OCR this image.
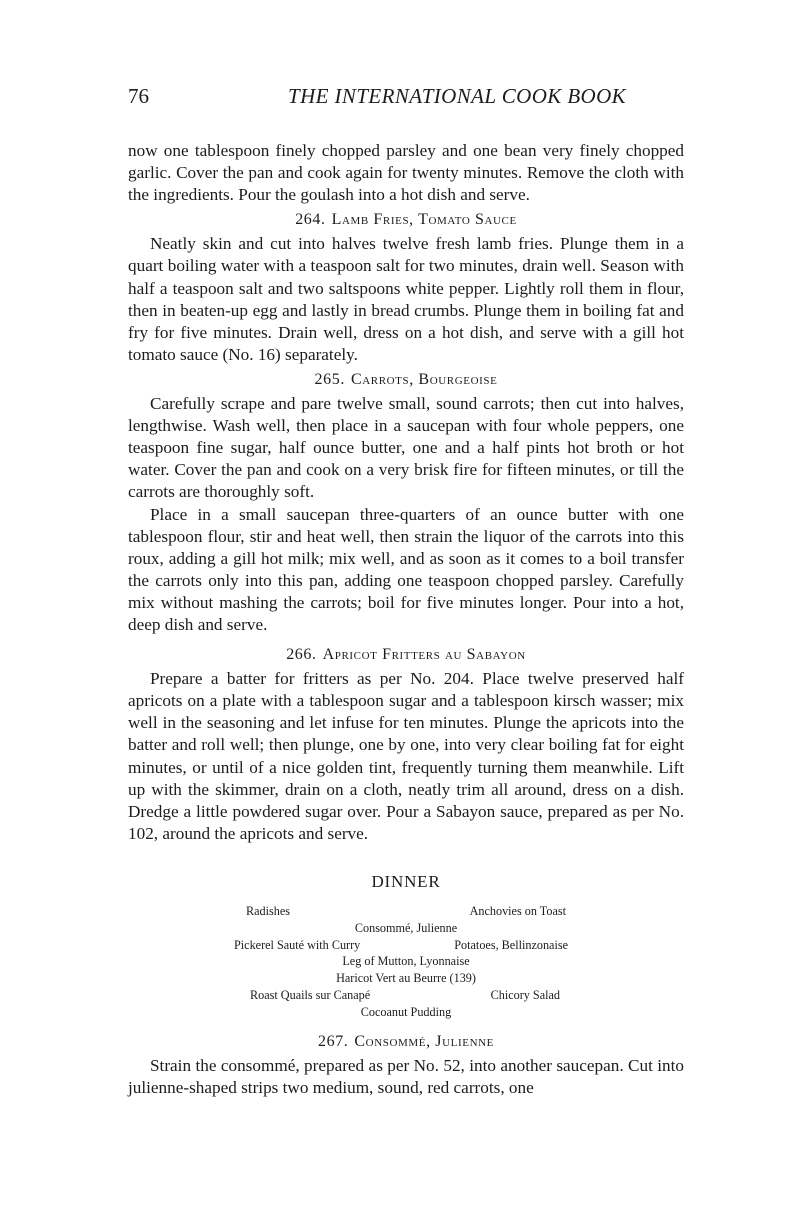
76	THE INTERNATIONAL COOK BOOK

now one tablespoon finely chopped parsley and one bean very finely chopped garlic. Cover the pan and cook again for twenty minutes. Remove the cloth with the ingredients. Pour the goulash into a hot dish and serve.

264. Lamb Fries, Tomato Sauce

Neatly skin and cut into halves twelve fresh lamb fries. Plunge them in a quart boiling water with a teaspoon salt for two minutes, drain well. Season with half a teaspoon salt and two saltspoons white pepper. Lightly roll them in flour, then in beaten-up egg and lastly in bread crumbs. Plunge them in boiling fat and fry for five minutes. Drain well, dress on a hot dish, and serve with a gill hot tomato sauce (No. 16) separately.

265. Carrots, Bourgeoise

Carefully scrape and pare twelve small, sound carrots; then cut into halves, lengthwise. Wash well, then place in a saucepan with four whole peppers, one teaspoon fine sugar, half ounce butter, one and a half pints hot broth or hot water. Cover the pan and cook on a very brisk fire for fifteen minutes, or till the carrots are thoroughly soft.

Place in a small saucepan three-quarters of an ounce butter with one tablespoon flour, stir and heat well, then strain the liquor of the carrots into this roux, adding a gill hot milk; mix well, and as soon as it comes to a boil transfer the carrots only into this pan, adding one teaspoon chopped parsley. Carefully mix without mashing the carrots; boil for five minutes longer. Pour into a hot, deep dish and serve.

266. Apricot Fritters au Sabayon

Prepare a batter for fritters as per No. 204. Place twelve preserved half apricots on a plate with a tablespoon sugar and a tablespoon kirsch wasser; mix well in the seasoning and let infuse for ten minutes. Plunge the apricots into the batter and roll well; then plunge, one by one, into very clear boiling fat for eight minutes, or until of a nice golden tint, frequently turning them meanwhile. Lift up with the skimmer, drain on a cloth, neatly trim all around, dress on a dish. Dredge a little powdered sugar over. Pour a Sabayon sauce, prepared as per No. 102, around the apricots and serve.

DINNER
Radishes	Anchovies on Toast
Consommé, Julienne
Pickerel Sauté with Curry	Potatoes, Bellinzonaise
Leg of Mutton, Lyonnaise
Haricot Vert au Beurre (139)
Roast Quails sur Canapé	Chicory Salad
Cocoanut Pudding
267. Consommé, Julienne

Strain the consommé, prepared as per No. 52, into another saucepan. Cut into julienne-shaped strips two medium, sound, red carrots, one
